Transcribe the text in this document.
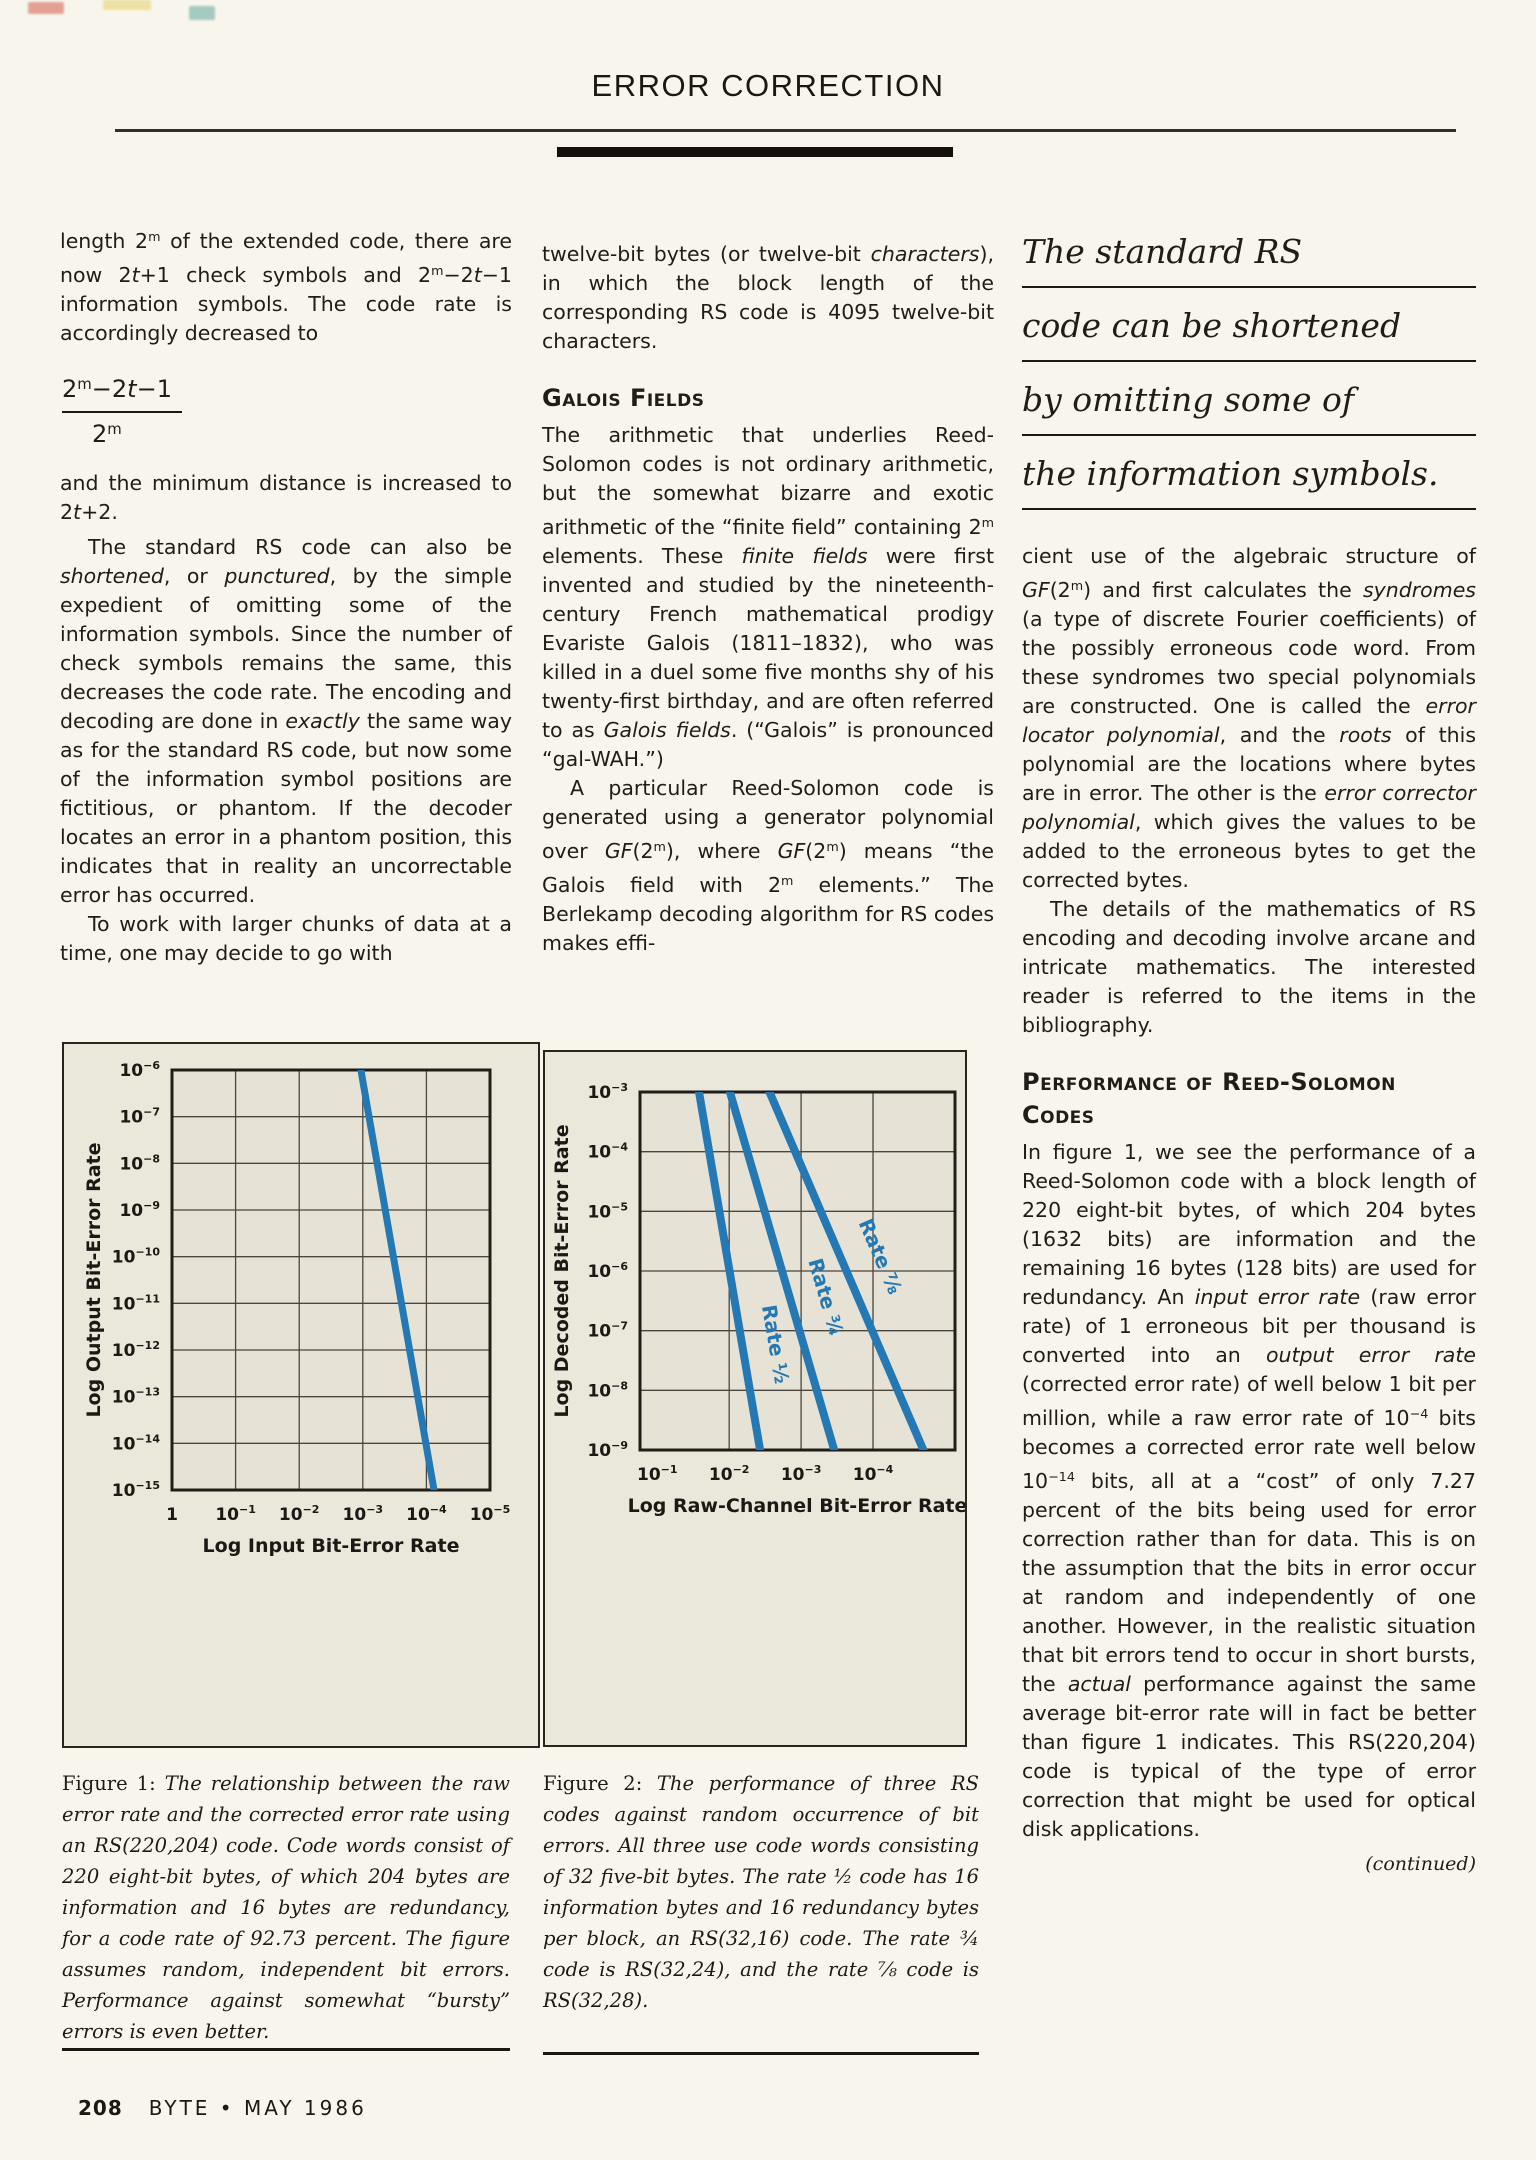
ERROR CORRECTION

length 2$^m$ of the extended code, there are now 2t+1 check symbols and $2^m-2t-1$ information symbols. The code rate is accordingly decreased to

$2^m-2t-1$
2$^m$

and the minimum distance is increased to 2t+2.

The standard RS code can also be shortened, or punctured, by the simple expedient of omitting some of the information symbols. Since the number of check symbols remains the same, this decreases the code rate. The encoding and decoding are done in exactly the same way as for the standard RS code, but now some of the information symbol positions are fictitious, or phantom. If the decoder locates an error in a phantom position, this indicates that in reality an uncorrectable error has occurred.

To work with larger chunks of data at a time, one may decide to go with

twelve-bit bytes (or twelve-bit characters), in which the block length of the corresponding RS code is 4095 twelve-bit characters.

Galois Fields

The arithmetic that underlies Reed-Solomon codes is not ordinary arithmetic, but the somewhat bizarre and exotic arithmetic of the “finite field” containing 2$^m$ elements. These finite fields were first invented and studied by the nineteenth-century French mathematical prodigy Evariste Galois (1811–1832), who was killed in a duel some five months shy of his twenty-first birthday, and are often referred to as Galois fields. (“Galois” is pronounced “gal-WAH.”)

A particular Reed-Solomon code is generated using a generator polynomial over GF(2$^m$), where GF(2$^m$) means “the Galois field with 2$^m$ elements.” The Berlekamp decoding algorithm for RS codes makes effi-

The standard RS
code can be shortened
by omitting some of
the information symbols.

cient use of the algebraic structure of GF(2$^m$) and first calculates the syndromes (a type of discrete Fourier coefficients) of the possibly erroneous code word. From these syndromes two special polynomials are constructed. One is called the error locator polynomial, and the roots of this polynomial are the locations where bytes are in error. The other is the error corrector polynomial, which gives the values to be added to the erroneous bytes to get the corrected bytes.

The details of the mathematics of RS encoding and decoding involve arcane and intricate mathematics. The interested reader is referred to the items in the bibliography.

Performance of Reed-Solomon Codes

In figure 1, we see the performance of a Reed-Solomon code with a block length of 220 eight-bit bytes, of which 204 bytes (1632 bits) are information and the remaining 16 bytes (128 bits) are used for redundancy. An input error rate (raw error rate) of 1 erroneous bit per thousand is converted into an output error rate (corrected error rate) of well below 1 bit per million, while a raw error rate of $10^{-4}$ bits becomes a corrected error rate well below $10^{-14}$ bits, all at a “cost” of only 7.27 percent of the bits being used for error correction rather than for data. This is on the assumption that the bits in error occur at random and independently of one another. However, in the realistic situation that bit errors tend to occur in short bursts, the actual performance against the same average bit-error rate will in fact be better than figure 1 indicates. This RS(220,204) code is typical of the type of error correction that might be used for optical disk applications.

(continued)
1 $10^{-1}$ $10^{-2}$ $10^{-3}$ $10^{-4}$ $10^{-5}$
$10^{-6}$
$10^{-7}$
$10^{-8}$
$10^{-9}$
$10^{-10}$
$10^{-11}$
$10^{-12}$
$10^{-13}$
$10^{-14}$
$10^{-15}$
Log Input Bit-Error Rate
Log Output Bit-Error Rate
Figure 1: The relationship between the raw error rate and the corrected error rate using an RS(220,204) code. Code words consist of 220 eight-bit bytes, of which 204 bytes are information and 16 bytes are redundancy, for a code rate of 92.73 percent. The figure assumes random, independent bit errors. Performance against somewhat “bursty” errors is even better.
$10^{-1}$ $10^{-2}$ $10^{-3}$ $10^{-4}$
$10^{-3}$
$10^{-4}$
$10^{-5}$
$10^{-6}$
$10^{-7}$
$10^{-8}$
$10^{-9}$
Log Raw-Channel Bit-Error Rate
Log Decoded Bit-Error Rate	Rate ⅞
Rate ¾
Rate ½
Figure 2: The performance of three RS codes against random occurrence of bit errors. All three use code words consisting of 32 five-bit bytes. The rate ½ code has 16 information bytes and 16 redundancy bytes per block, an RS(32,16) code. The rate ¾ code is RS(32,24), and the rate ⅞ code is RS(32,28).
208 BYTE • MAY 1986
